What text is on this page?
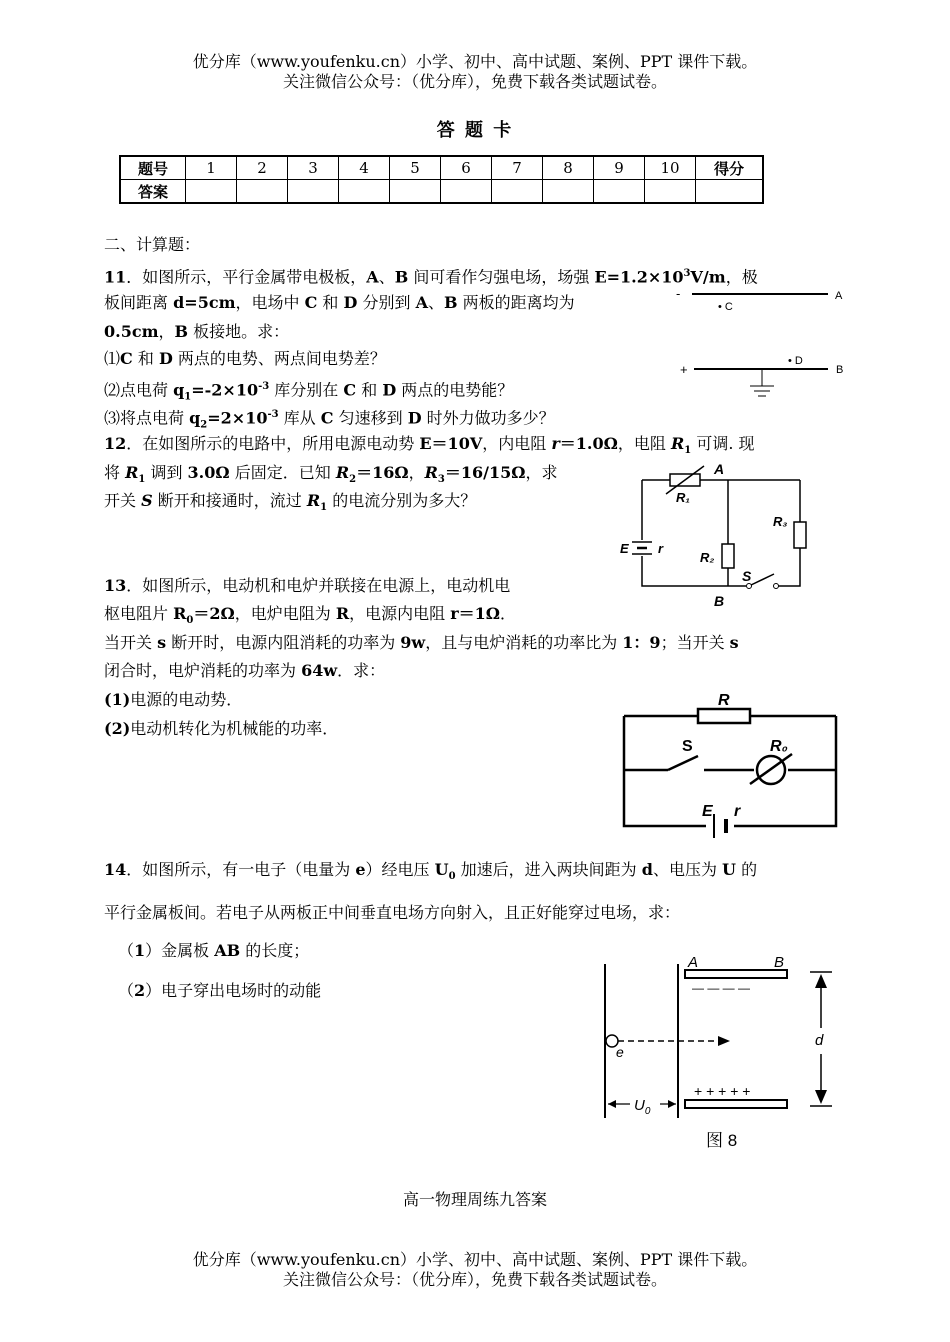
优分库（www.youfenku.cn）小学、初中、高中试题、案例、PPT 课件下载。
关注微信公众号：（优分库），免费下载各类试题试卷。
答 题 卡
题号	1	2	3	4	5	6	7	8	9	10	得分
答案											
二、计算题：
11．如图所示，平行金属带电极板，A、B 间可看作匀强电场，场强 $E=1.2\times 10^3V/m$，极
板间距离 d=5cm，电场中 C 和 D 分别到 A、B 两板的距离均为
0.5cm，B 板接地。求：
⑴C 和 D 两点的电势、两点间电势差？
⑵点电荷 $q_1=-2\times 10^{-3}$ 库分别在 C 和 D 两点的电势能？
⑶将点电荷 $q_2=2\times 10^{-3}$ 库从 C 匀速移到 D 时外力做功多少？
-	A
• C
• D
+	B
12．在如图所示的电路中，所用电源电动势 E＝10V，内电阻 r＝1.0Ω，电阻 $R_1$ 可调. 现
将 $R_1$ 调到 3.0Ω 后固定．已知 $R_2=16\Omega$，$R_3=16/15\Omega$，求
开关 S 断开和接通时，流过 $R_1$ 的电流分别为多大？
A
B
R₁
R₂
R₃
E r
S
13．如图所示，电动机和电炉并联接在电源上，电动机电
枢电阻片 $R_0=2\Omega$，电炉电阻为 R，电源内电阻 r＝1Ω．
当开关 s 断开时，电源内阻消耗的功率为 9w，且与电炉消耗的功率比为 1：9；当开关 s
闭合时，电炉消耗的功率为 64w．求：
(1)电源的电动势．
(2)电动机转化为机械能的功率．
R
S	R₀
E r
14．如图所示，有一电子（电量为 e）经电压 $U_0$ 加速后，进入两块间距为 d、电压为 U 的
平行金属板间。若电子从两板正中间垂直电场方向射入，且正好能穿过电场，求：
（1）金属板 AB 的长度；
（2）电子穿出电场时的动能
A	B
— — — —
+ + + + +
e
d
$U_0$
图 8
高一物理周练九答案
优分库（www.youfenku.cn）小学、初中、高中试题、案例、PPT 课件下载。
关注微信公众号：（优分库），免费下载各类试题试卷。
